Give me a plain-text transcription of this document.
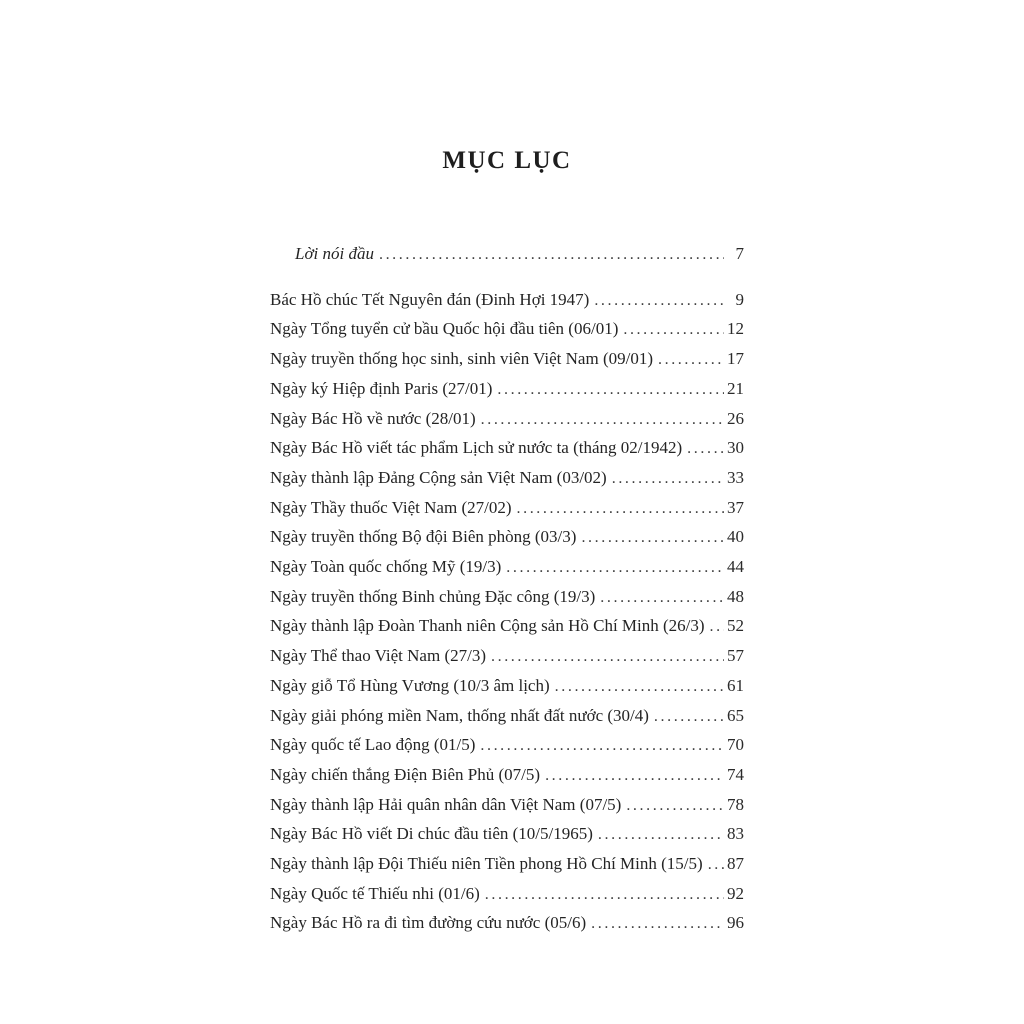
MỤC LỤC
Lời nói đầu .....	7
Bác Hồ chúc Tết Nguyên đán (Đinh Hợi 1947) .....	9
Ngày Tổng tuyển cử bầu Quốc hội đầu tiên (06/01) .....	12
Ngày truyền thống học sinh, sinh viên Việt Nam (09/01) .....	17
Ngày ký Hiệp định Paris (27/01) .....	21
Ngày Bác Hồ về nước (28/01) .....	26
Ngày Bác Hồ viết tác phẩm Lịch sử nước ta (tháng 02/1942) .....	30
Ngày thành lập Đảng Cộng sản Việt Nam (03/02) .....	33
Ngày Thầy thuốc Việt Nam (27/02) .....	37
Ngày truyền thống Bộ đội Biên phòng (03/3) .....	40
Ngày Toàn quốc chống Mỹ (19/3) .....	44
Ngày truyền thống Binh chủng Đặc công (19/3) .....	48
Ngày thành lập Đoàn Thanh niên Cộng sản Hồ Chí Minh (26/3) ..... 52
Ngày Thể thao Việt Nam (27/3) .....	57
Ngày giỗ Tổ Hùng Vương (10/3 âm lịch) .....	61
Ngày giải phóng miền Nam, thống nhất đất nước (30/4) .....	65
Ngày quốc tế Lao động (01/5) .....	70
Ngày chiến thắng Điện Biên Phủ (07/5) .....	74
Ngày thành lập Hải quân nhân dân Việt Nam (07/5) .....	78
Ngày Bác Hồ viết Di chúc đầu tiên (10/5/1965) .....	83
Ngày thành lập Đội Thiếu niên Tiền phong Hồ Chí Minh (15/5) ..... 87
Ngày Quốc tế Thiếu nhi (01/6) .....	92
Ngày Bác Hồ ra đi tìm đường cứu nước (05/6) .....	96
